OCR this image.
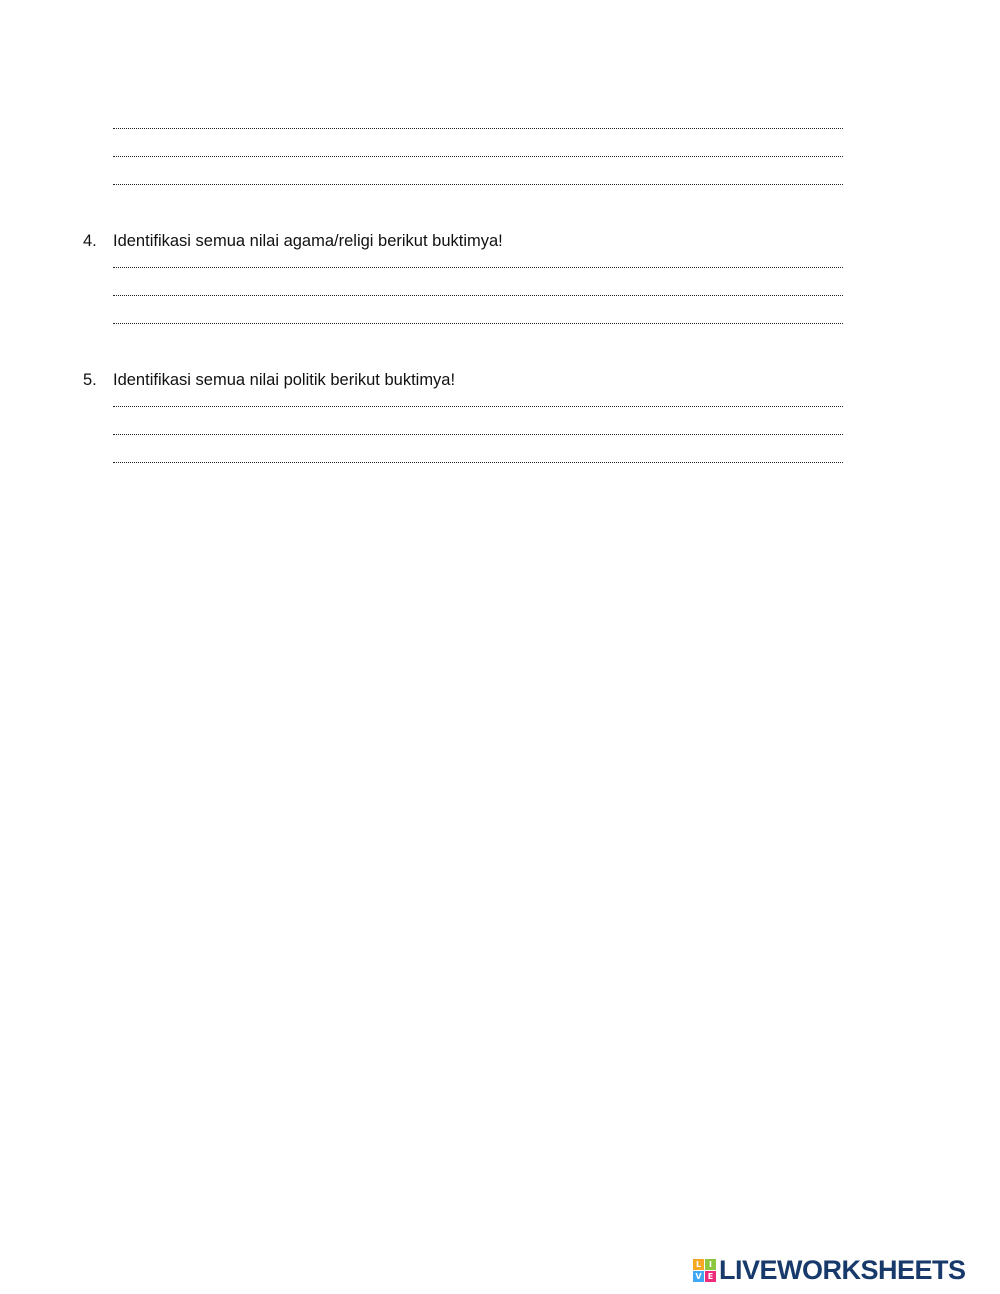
4. Identifikasi semua nilai agama/religi berikut buktimya!
5. Identifikasi semua nilai politik berikut buktimya!
L I
V E LIVEWORKSHEETS
